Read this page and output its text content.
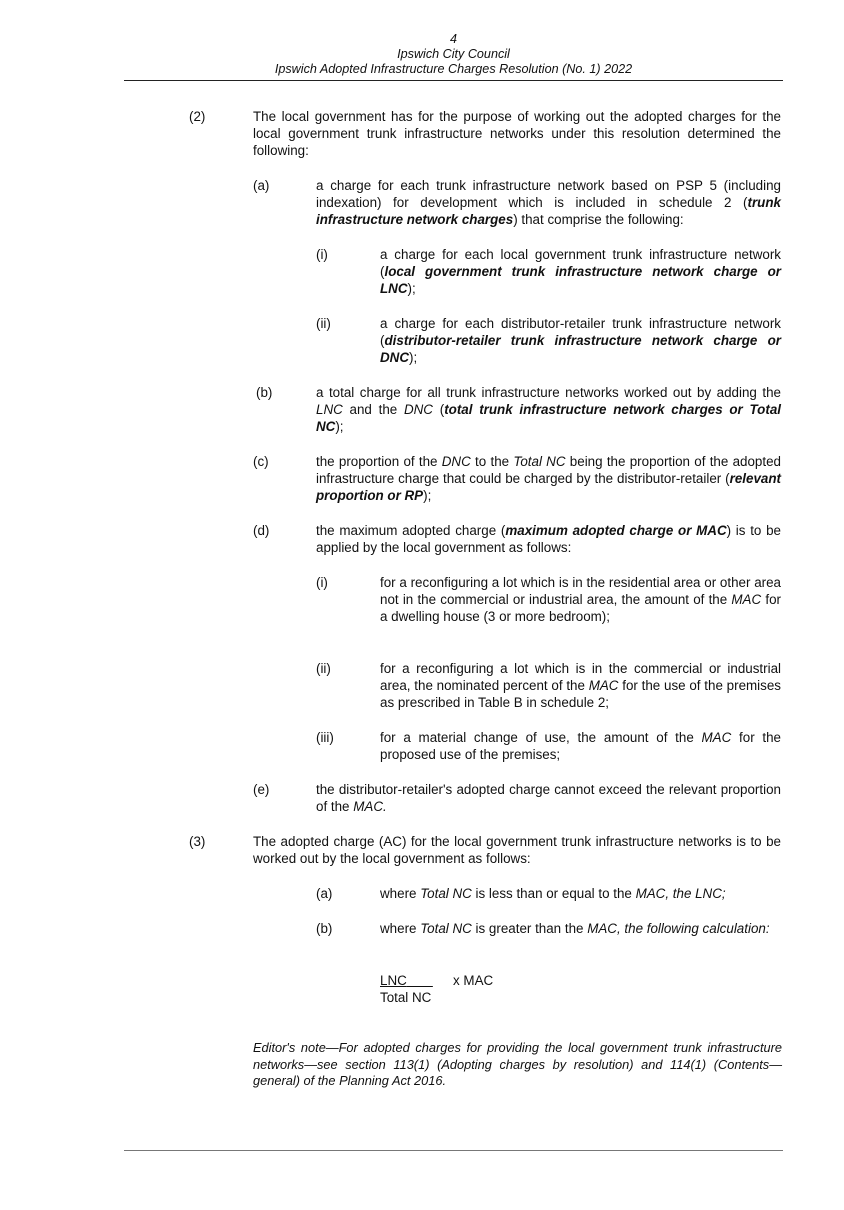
4
Ipswich City Council
Ipswich Adopted Infrastructure Charges Resolution (No. 1) 2022
(2)	The local government has for the purpose of working out the adopted charges for the local government trunk infrastructure networks under this resolution determined the following:
(a)	a charge for each trunk infrastructure network based on PSP 5 (including indexation) for development which is included in schedule 2 (trunk infrastructure network charges) that comprise the following:
(i)	a charge for each local government trunk infrastructure network (local government trunk infrastructure network charge or LNC);
(ii)	a charge for each distributor-retailer trunk infrastructure network (distributor-retailer trunk infrastructure network charge or DNC);
(b)	a total charge for all trunk infrastructure networks worked out by adding the LNC and the DNC (total trunk infrastructure network charges or Total NC);
(c)	the proportion of the DNC to the Total NC being the proportion of the adopted infrastructure charge that could be charged by the distributor-retailer (relevant proportion or RP);
(d)	the maximum adopted charge (maximum adopted charge or MAC) is to be applied by the local government as follows:
(i)	for a reconfiguring a lot which is in the residential area or other area not in the commercial or industrial area, the amount of the MAC for a dwelling house (3 or more bedroom);
(ii)	for a reconfiguring a lot which is in the commercial or industrial area, the nominated percent of the MAC for the use of the premises as prescribed in Table B in schedule 2;
(iii)	for a material change of use, the amount of the MAC for the proposed use of the premises;
(e)	the distributor-retailer's adopted charge cannot exceed the relevant proportion of the MAC.
(3)	The adopted charge (AC) for the local government trunk infrastructure networks is to be worked out by the local government as follows:
(a)	where Total NC is less than or equal to the MAC, the LNC;
(b)	where Total NC is greater than the MAC, the following calculation:
LNC	x MAC
Total NC
Editor's note—For adopted charges for providing the local government trunk infrastructure networks—see section 113(1) (Adopting charges by resolution) and 114(1) (Contents—general) of the Planning Act 2016.
